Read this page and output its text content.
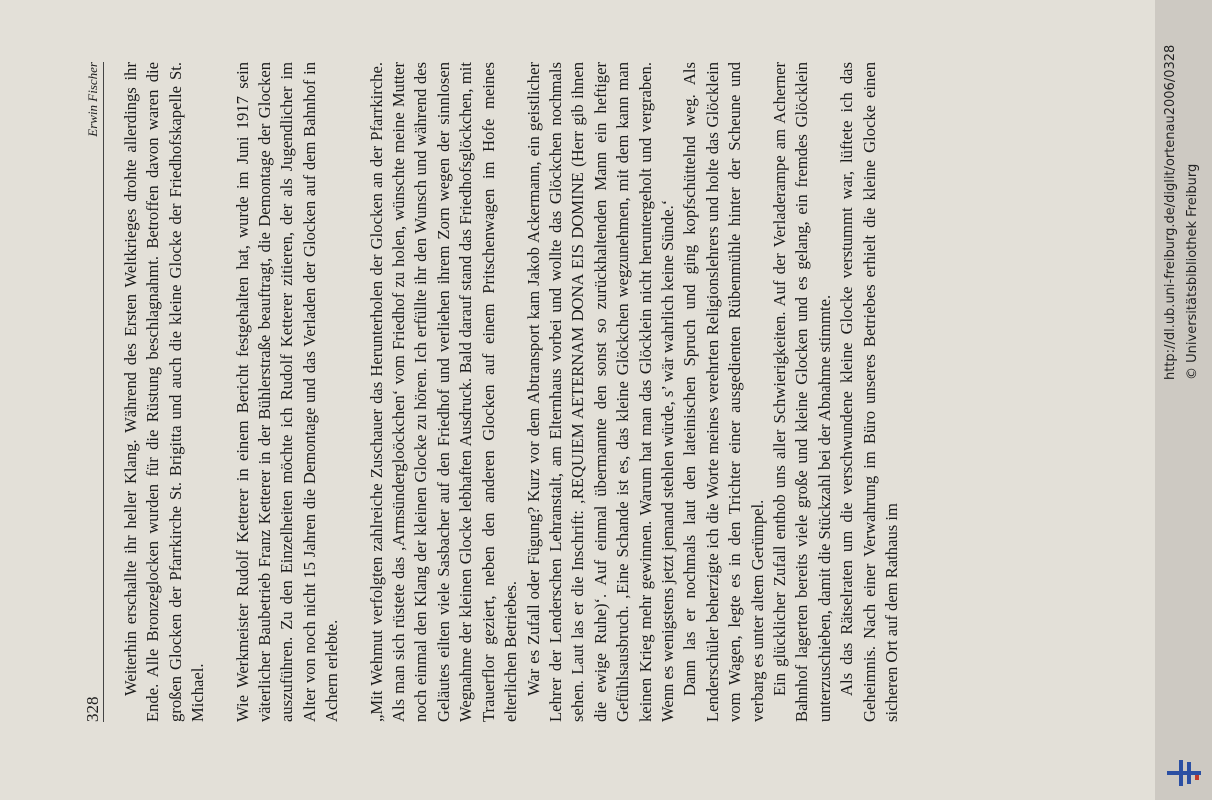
328
Erwin Fischer Weiterhin erschallte ihr heller Klang. Während des Ersten Weltkrieges drohte allerdings ihr Ende. Alle Bronzeglocken wurden für die Rüstung beschlagnahmt. Betroffen davon waren die großen Glocken der Pfarrkirche St. Brigitta und auch die kleine Glocke der Friedhofskapelle St. Michael. Wie Werkmeister Rudolf Ketterer in einem Bericht festgehalten hat, wurde im Juni 1917 sein väterlicher Baubetrieb Franz Ketterer in der Bühlerstraße beauftragt, die Demontage der Glocken auszuführen. Zu den Einzelheiten möchte ich Rudolf Ketterer zitieren, der als Jugendlicher im Alter von noch nicht 15 Jahren die Demontage und das Verladen der Glocken auf dem Bahnhof in Achern erlebte. „Mit Wehmut verfolgten zahlreiche Zuschauer das Herunterholen der Glocken an der Pfarrkirche. Als man sich rüstete das ‚Armsündergloöckchen‘ vom Friedhof zu holen, wünschte meine Mutter noch einmal den Klang der kleinen Glocke zu hören. Ich erfüllte ihr den Wunsch und während des Geläutes eilten viele Sasbacher auf den Friedhof und verliehen ihrem Zorn wegen der sinnlosen Wegnahme der kleinen Glocke lebhaften Ausdruck. Bald darauf stand das Friedhofsglöckchen, mit Trauerflor geziert, neben den anderen Glocken auf einem Pritschenwagen im Hofe meines elterlichen Betriebes. War es Zufall oder Fügung? Kurz vor dem Abtransport kam Jakob Ackermann, ein geistlicher Lehrer der Lenderschen Lehranstalt, am Elternhaus vorbei und wollte das Glöckchen nochmals sehen. Laut las er die Inschrift: ‚REQUIEM AETERNAM DONA EIS DOMINE (Herr gib ihnen die ewige Ruhe)‘. Auf einmal übermannte den sonst so zurückhaltenden Mann ein heftiger Gefühlsausbruch. ‚Eine Schande ist es, das kleine Glöckchen wegzunehmen, mit dem kann man keinen Krieg mehr gewinnen. Warum hat man das Glöcklein nicht heruntergeholt und vergraben. Wenn es wenigstens jetzt jemand stehlen würde, s’ wär wahrlich keine Sünde.‘ Dann las er nochmals laut den lateinischen Spruch und ging kopfschüttelnd weg. Als Lenderschüler beherzigte ich die Worte meines verehrten Religionslehrers und holte das Glöcklein vom Wagen, legte es in den Trichter einer ausgedienten Rübenmühle hinter der Scheune und verbarg es unter altem Gerümpel. Ein glücklicher Zufall enthob uns aller Schwierigkeiten. Auf der Verladerampe am Acherner Bahnhof lagerten bereits viele große und kleine Glocken und es gelang, ein fremdes Glöcklein unterzuschieben, damit die Stückzahl bei der Abnahme stimmte. Als das Rätselraten um die verschwundene kleine Glocke verstummt war, lüftete ich das Geheimnis. Nach einer Verwahrung im Büro unseres Betriebes erhielt die kleine Glocke einen sicheren Ort auf dem Rathaus im

http://dl.ub.uni-freiburg.de/diglit/ortenau2006/0328 © Universitätsbibliothek Freiburg
